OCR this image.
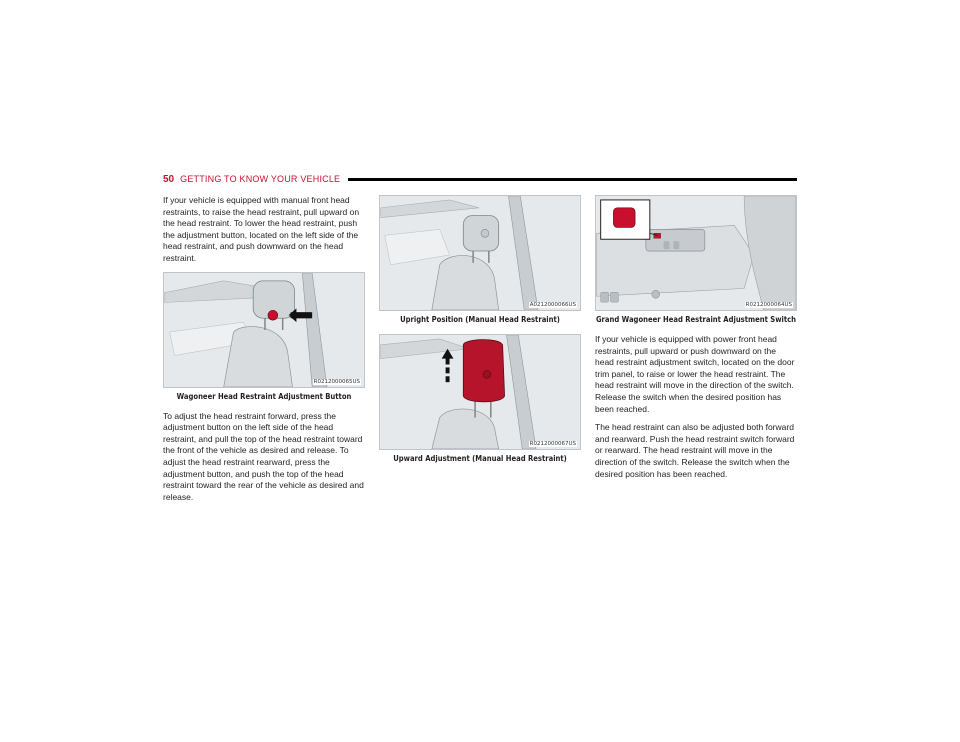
50 GETTING TO KNOW YOUR VEHICLE

If your vehicle is equipped with manual front head restraints, to raise the head restraint, pull upward on the head restraint. To lower the head restraint, push the adjustment button, located on the left side of the head restraint, and push downward on the head restraint.

R0212000065US
Wagoneer Head Restraint Adjustment Button

To adjust the head restraint forward, press the adjustment button on the left side of the head restraint, and pull the top of the head restraint toward the front of the vehicle as desired and release. To adjust the head restraint rearward, press the adjustment button, and push the top of the head restraint toward the rear of the vehicle as desired and release.

A0212000066US
Upright Position (Manual Head Restraint)
R0212000067US
Upward Adjustment (Manual Head Restraint)
R0212000064US
Grand Wagoneer Head Restraint Adjustment Switch

If your vehicle is equipped with power front head restraints, pull upward or push downward on the head restraint adjustment switch, located on the door trim panel, to raise or lower the head restraint. The head restraint will move in the direction of the switch. Release the switch when the desired position has been reached.

The head restraint can also be adjusted both forward and rearward. Push the head restraint switch forward or rearward. The head restraint will move in the direction of the switch. Release the switch when the desired position has been reached.
